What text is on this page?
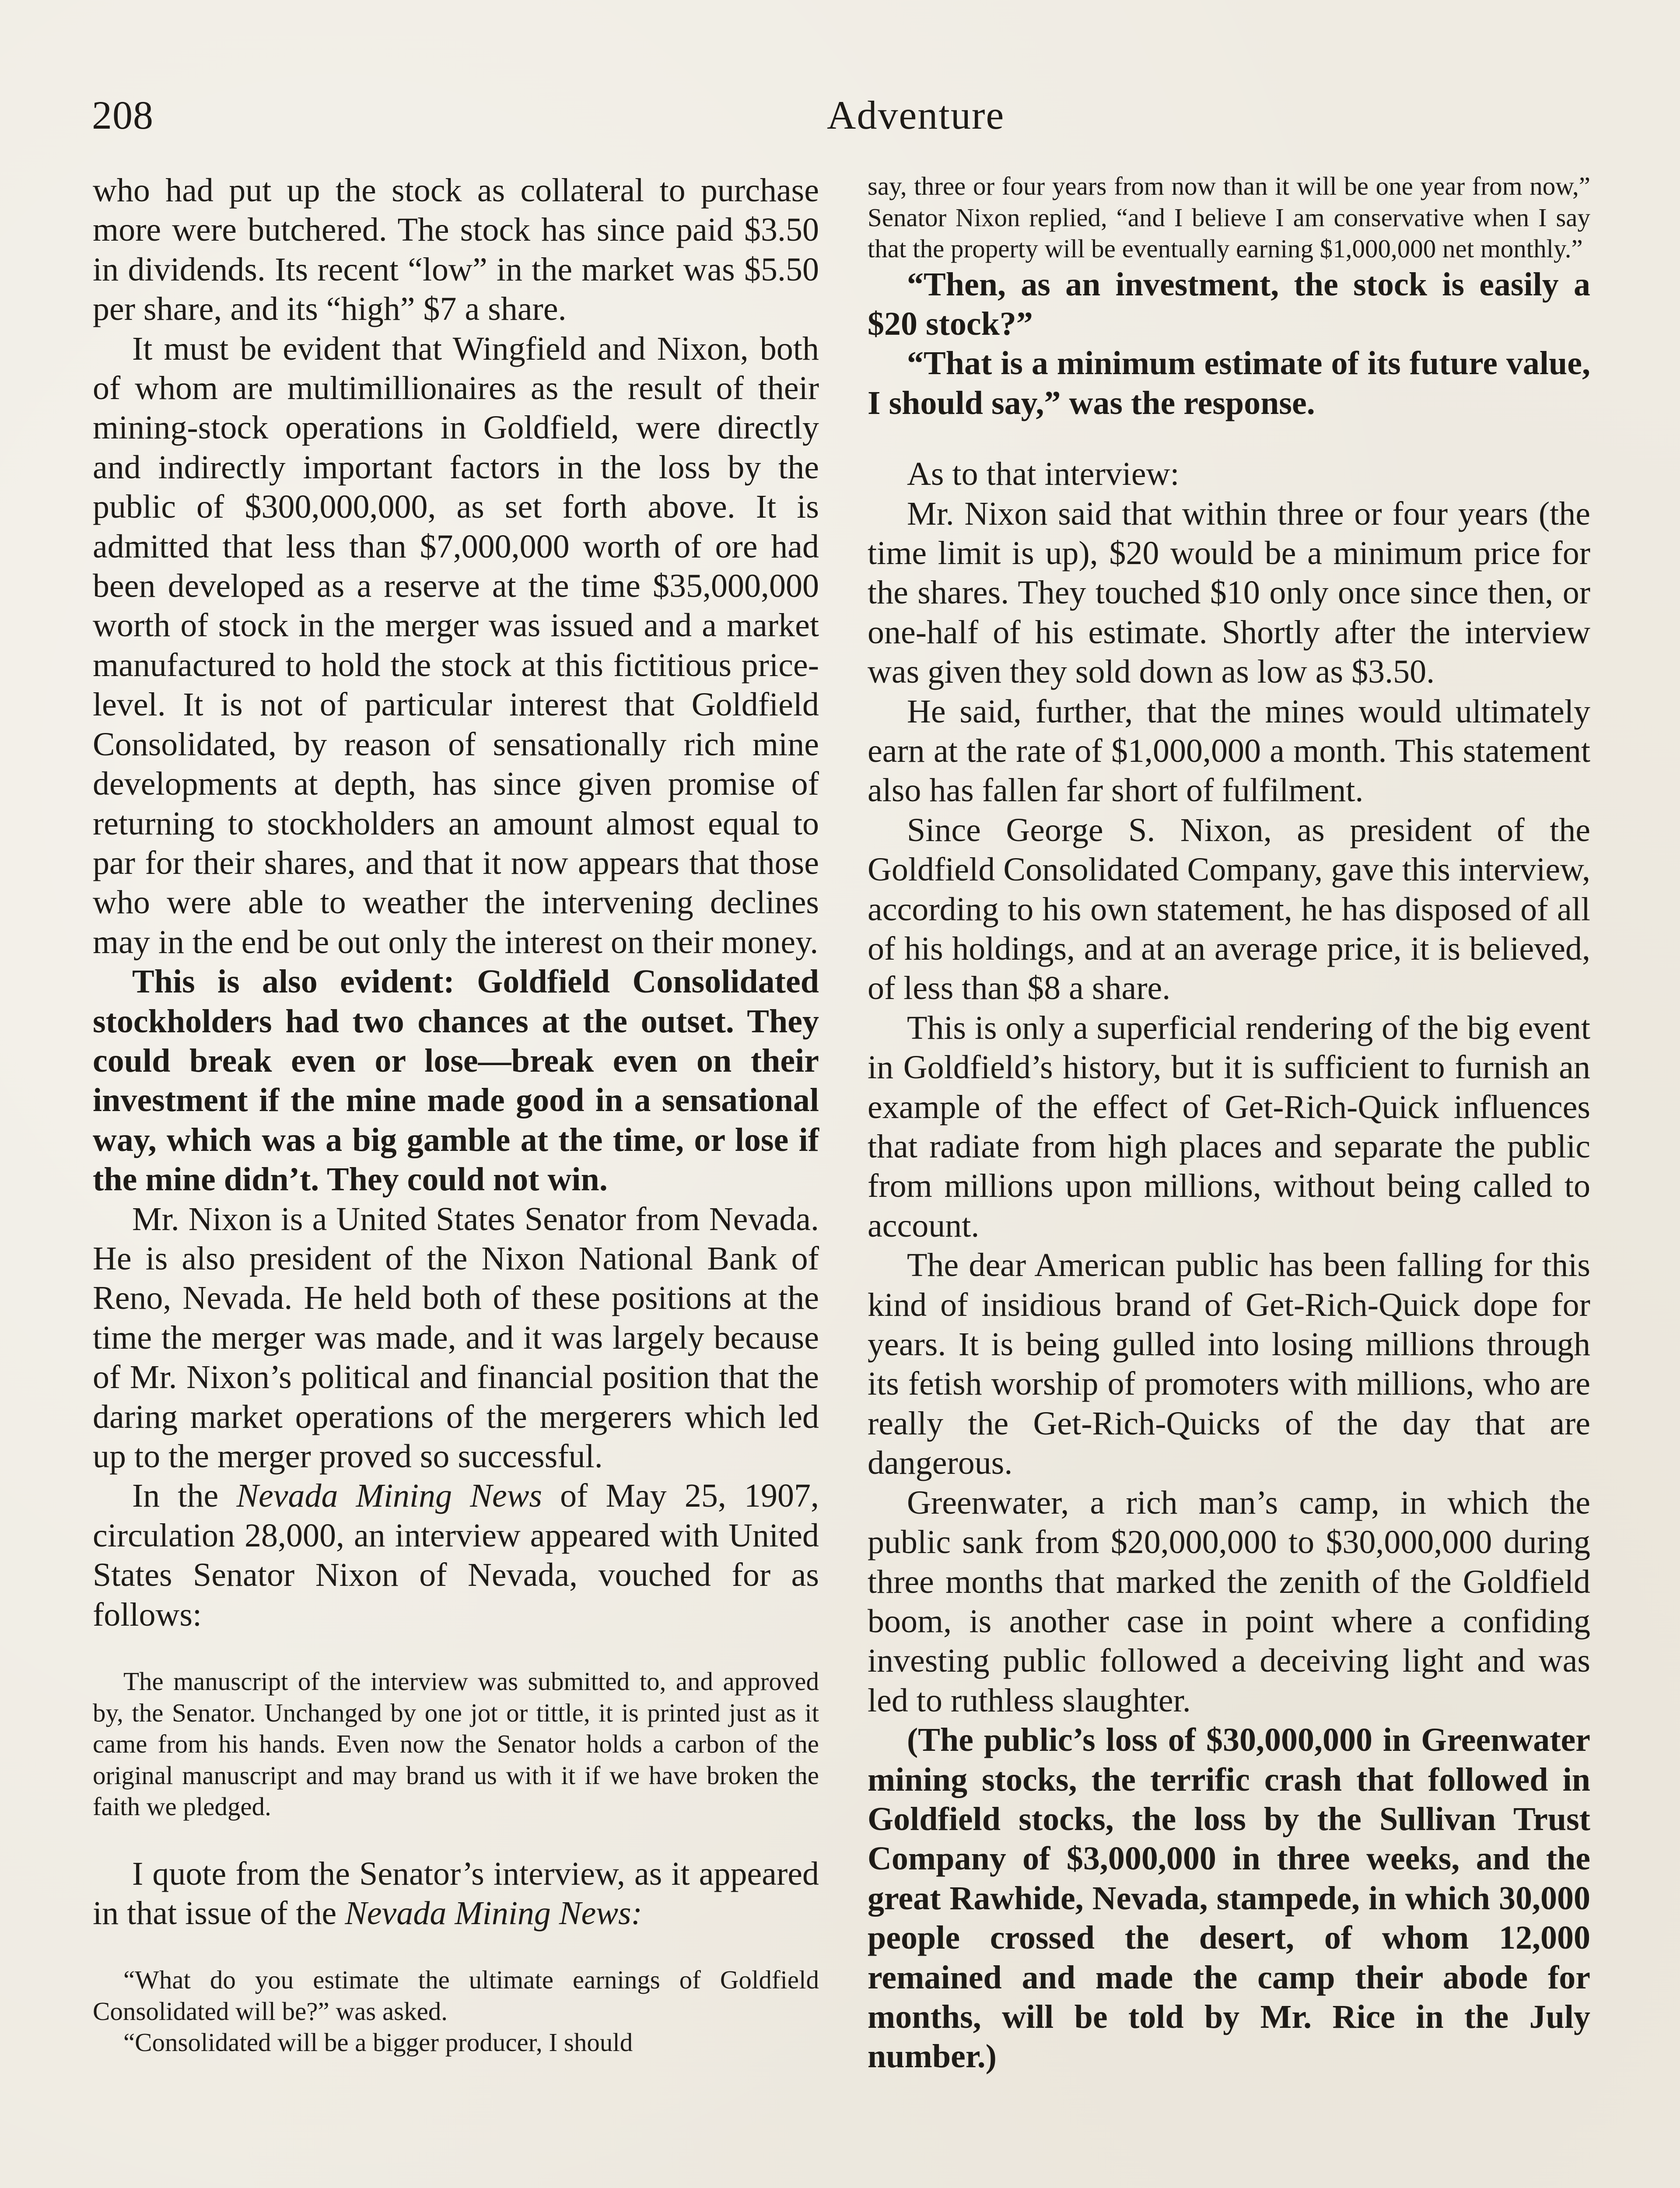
208	Adventure

who had put up the stock as collateral to purchase more were butchered. The stock has since paid $3.50 in dividends. Its recent “low” in the market was $5.50 per share, and its “high” $7 a share.

It must be evident that Wingfield and Nixon, both of whom are multimillionaires as the result of their mining-stock operations in Goldfield, were directly and indirectly important factors in the loss by the public of $300,000,000, as set forth above. It is admitted that less than $7,000,000 worth of ore had been developed as a reserve at the time $35,000,000 worth of stock in the merger was issued and a market manufactured to hold the stock at this fictitious price-level. It is not of particular interest that Goldfield Consolidated, by reason of sensationally rich mine developments at depth, has since given promise of returning to stockholders an amount almost equal to par for their shares, and that it now appears that those who were able to weather the intervening declines may in the end be out only the interest on their money.

This is also evident: Goldfield Consolidated stockholders had two chances at the outset. They could break even or lose—break even on their investment if the mine made good in a sensational way, which was a big gamble at the time, or lose if the mine didn’t. They could not win.

Mr. Nixon is a United States Senator from Nevada. He is also president of the Nixon National Bank of Reno, Nevada. He held both of these positions at the time the merger was made, and it was largely because of Mr. Nixon’s political and financial position that the daring market operations of the mergerers which led up to the merger proved so successful.

In the Nevada Mining News of May 25, 1907, circulation 28,000, an interview appeared with United States Senator Nixon of Nevada, vouched for as follows:

The manuscript of the interview was submitted to, and approved by, the Senator. Unchanged by one jot or tittle, it is printed just as it came from his hands. Even now the Senator holds a carbon of the original manuscript and may brand us with it if we have broken the faith we pledged.

I quote from the Senator’s interview, as it appeared in that issue of the Nevada Mining News:

“What do you estimate the ultimate earnings of Goldfield Consolidated will be?” was asked.

“Consolidated will be a bigger producer, I should

say, three or four years from now than it will be one year from now,” Senator Nixon replied, “and I believe I am conservative when I say that the property will be eventually earning $1,000,000 net monthly.”

“Then, as an investment, the stock is easily a $20 stock?”

“That is a minimum estimate of its future value, I should say,” was the response.

As to that interview:

Mr. Nixon said that within three or four years (the time limit is up), $20 would be a minimum price for the shares. They touched $10 only once since then, or one-half of his estimate. Shortly after the interview was given they sold down as low as $3.50.

He said, further, that the mines would ultimately earn at the rate of $1,000,000 a month. This statement also has fallen far short of fulfilment.

Since George S. Nixon, as president of the Goldfield Consolidated Company, gave this interview, according to his own statement, he has disposed of all of his holdings, and at an average price, it is believed, of less than $8 a share.

This is only a superficial rendering of the big event in Goldfield’s history, but it is sufficient to furnish an example of the effect of Get-Rich-Quick influences that radiate from high places and separate the public from millions upon millions, without being called to account.

The dear American public has been falling for this kind of insidious brand of Get-Rich-Quick dope for years. It is being gulled into losing millions through its fetish worship of promoters with millions, who are really the Get-Rich-Quicks of the day that are dangerous.

Greenwater, a rich man’s camp, in which the public sank from $20,000,000 to $30,000,000 during three months that marked the zenith of the Goldfield boom, is another case in point where a confiding investing public followed a deceiving light and was led to ruthless slaughter.

(The public’s loss of $30,000,000 in Greenwater mining stocks, the terrific crash that followed in Goldfield stocks, the loss by the Sullivan Trust Company of $3,000,000 in three weeks, and the great Rawhide, Nevada, stampede, in which 30,000 people crossed the desert, of whom 12,000 remained and made the camp their abode for months, will be told by Mr. Rice in the July number.)
